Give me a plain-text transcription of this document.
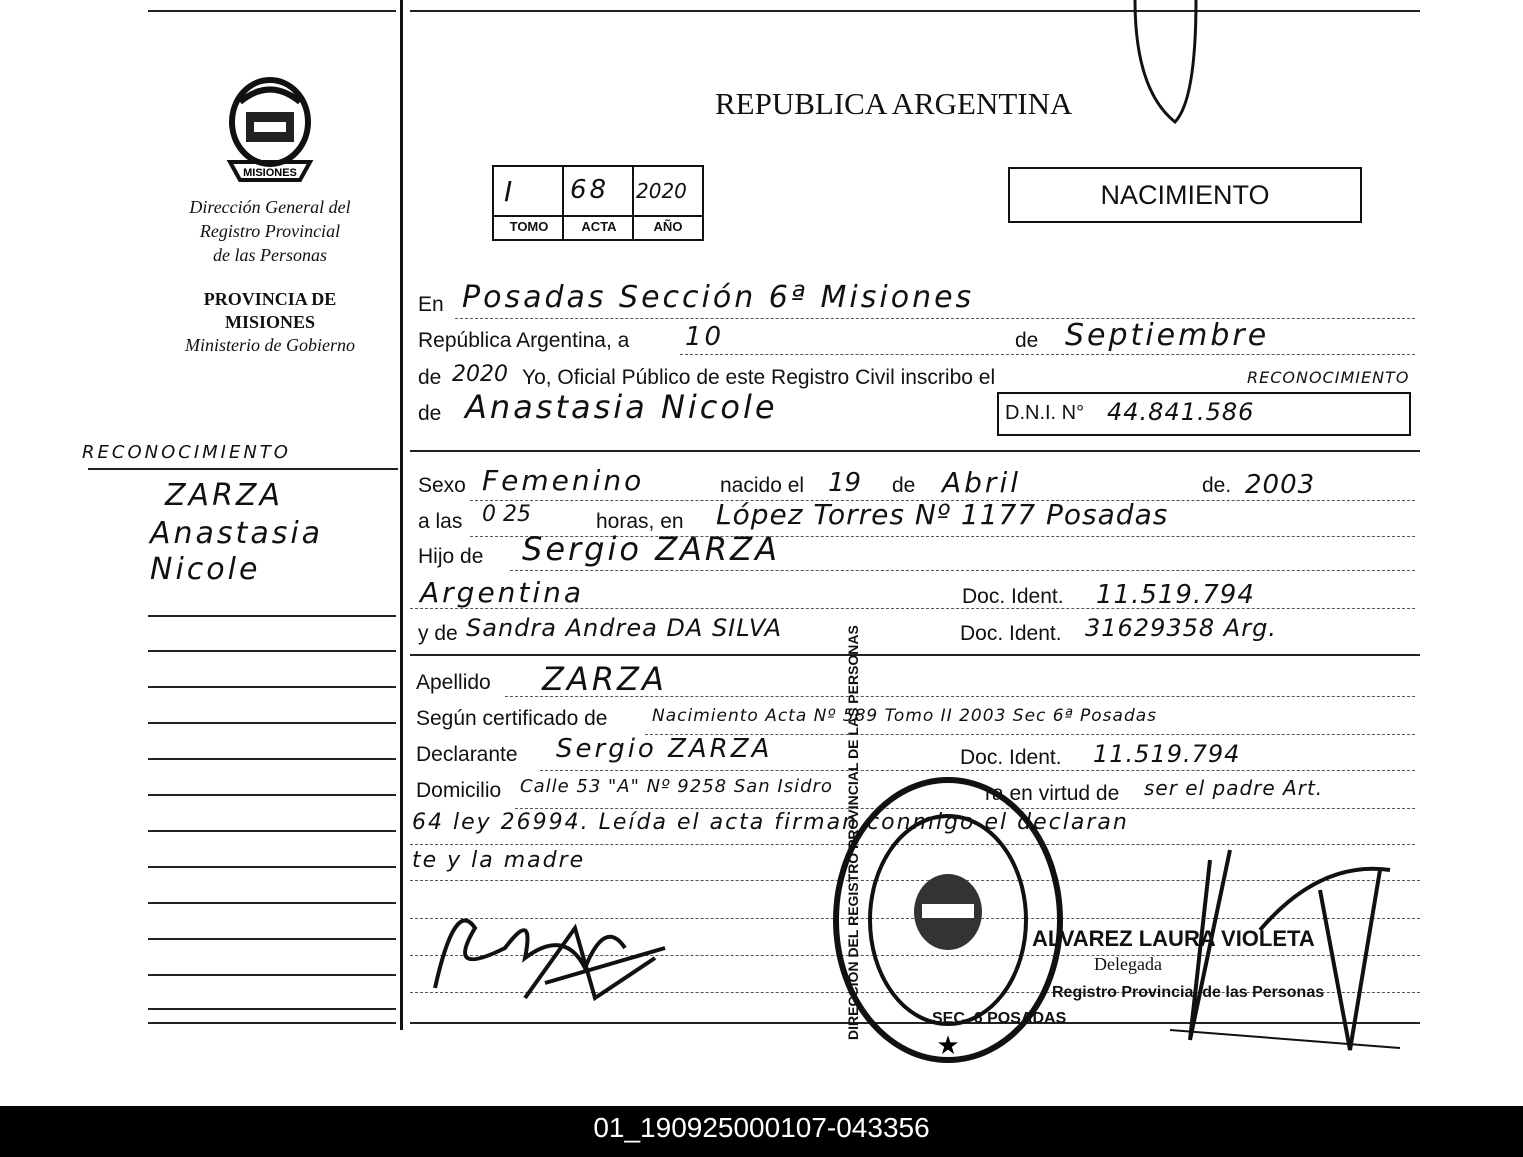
MISIONES
Dirección General del
Registro Provincial
de las Personas
PROVINCIA DE
MISIONES
Ministerio de Gobierno
RECONOCIMIENTO
ZARZA
Anastasia
Nicole
REPUBLICA ARGENTINA
NACIMIENTO
I 68 2020
TOMO	ACTA	AÑO
En Posadas Sección 6ª Misiones
República Argentina, a 10	de Septiembre
de 2020 Yo, Oficial Público de este Registro Civil inscribo el	RECONOCIMIENTO
de Anastasia Nicole	D.N.I. N° 44.841.586
Sexo Femenino	nacido el 19 de Abril	de. 2003
a las 0 25	horas, en López Torres Nº 1177 Posadas
Hijo de Sergio ZARZA
Argentina	Doc. Ident. 11.519.794
y de Sandra Andrea DA SILVA	Doc. Ident. 31629358 Arg.
Apellido ZARZA
Según certificado de	Nacimiento Acta Nº 589 Tomo II 2003 Sec 6ª Posadas
Declarante Sergio ZARZA	Doc. Ident. 11.519.794
Domicilio Calle 53 "A" Nº 9258 San Isidro	ra en virtud de ser el padre Art.
64 ley 26994. Leída el acta firman conmigo el declaran
te y la madre
★
DIRECCION DEL REGISTRO PROVINCIAL DE LAS PERSONAS	SEC. 6 POSADAS
ALVAREZ LAURA VIOLETA
Delegada
Registro Provincial de las Personas
01_190925000107-043356
